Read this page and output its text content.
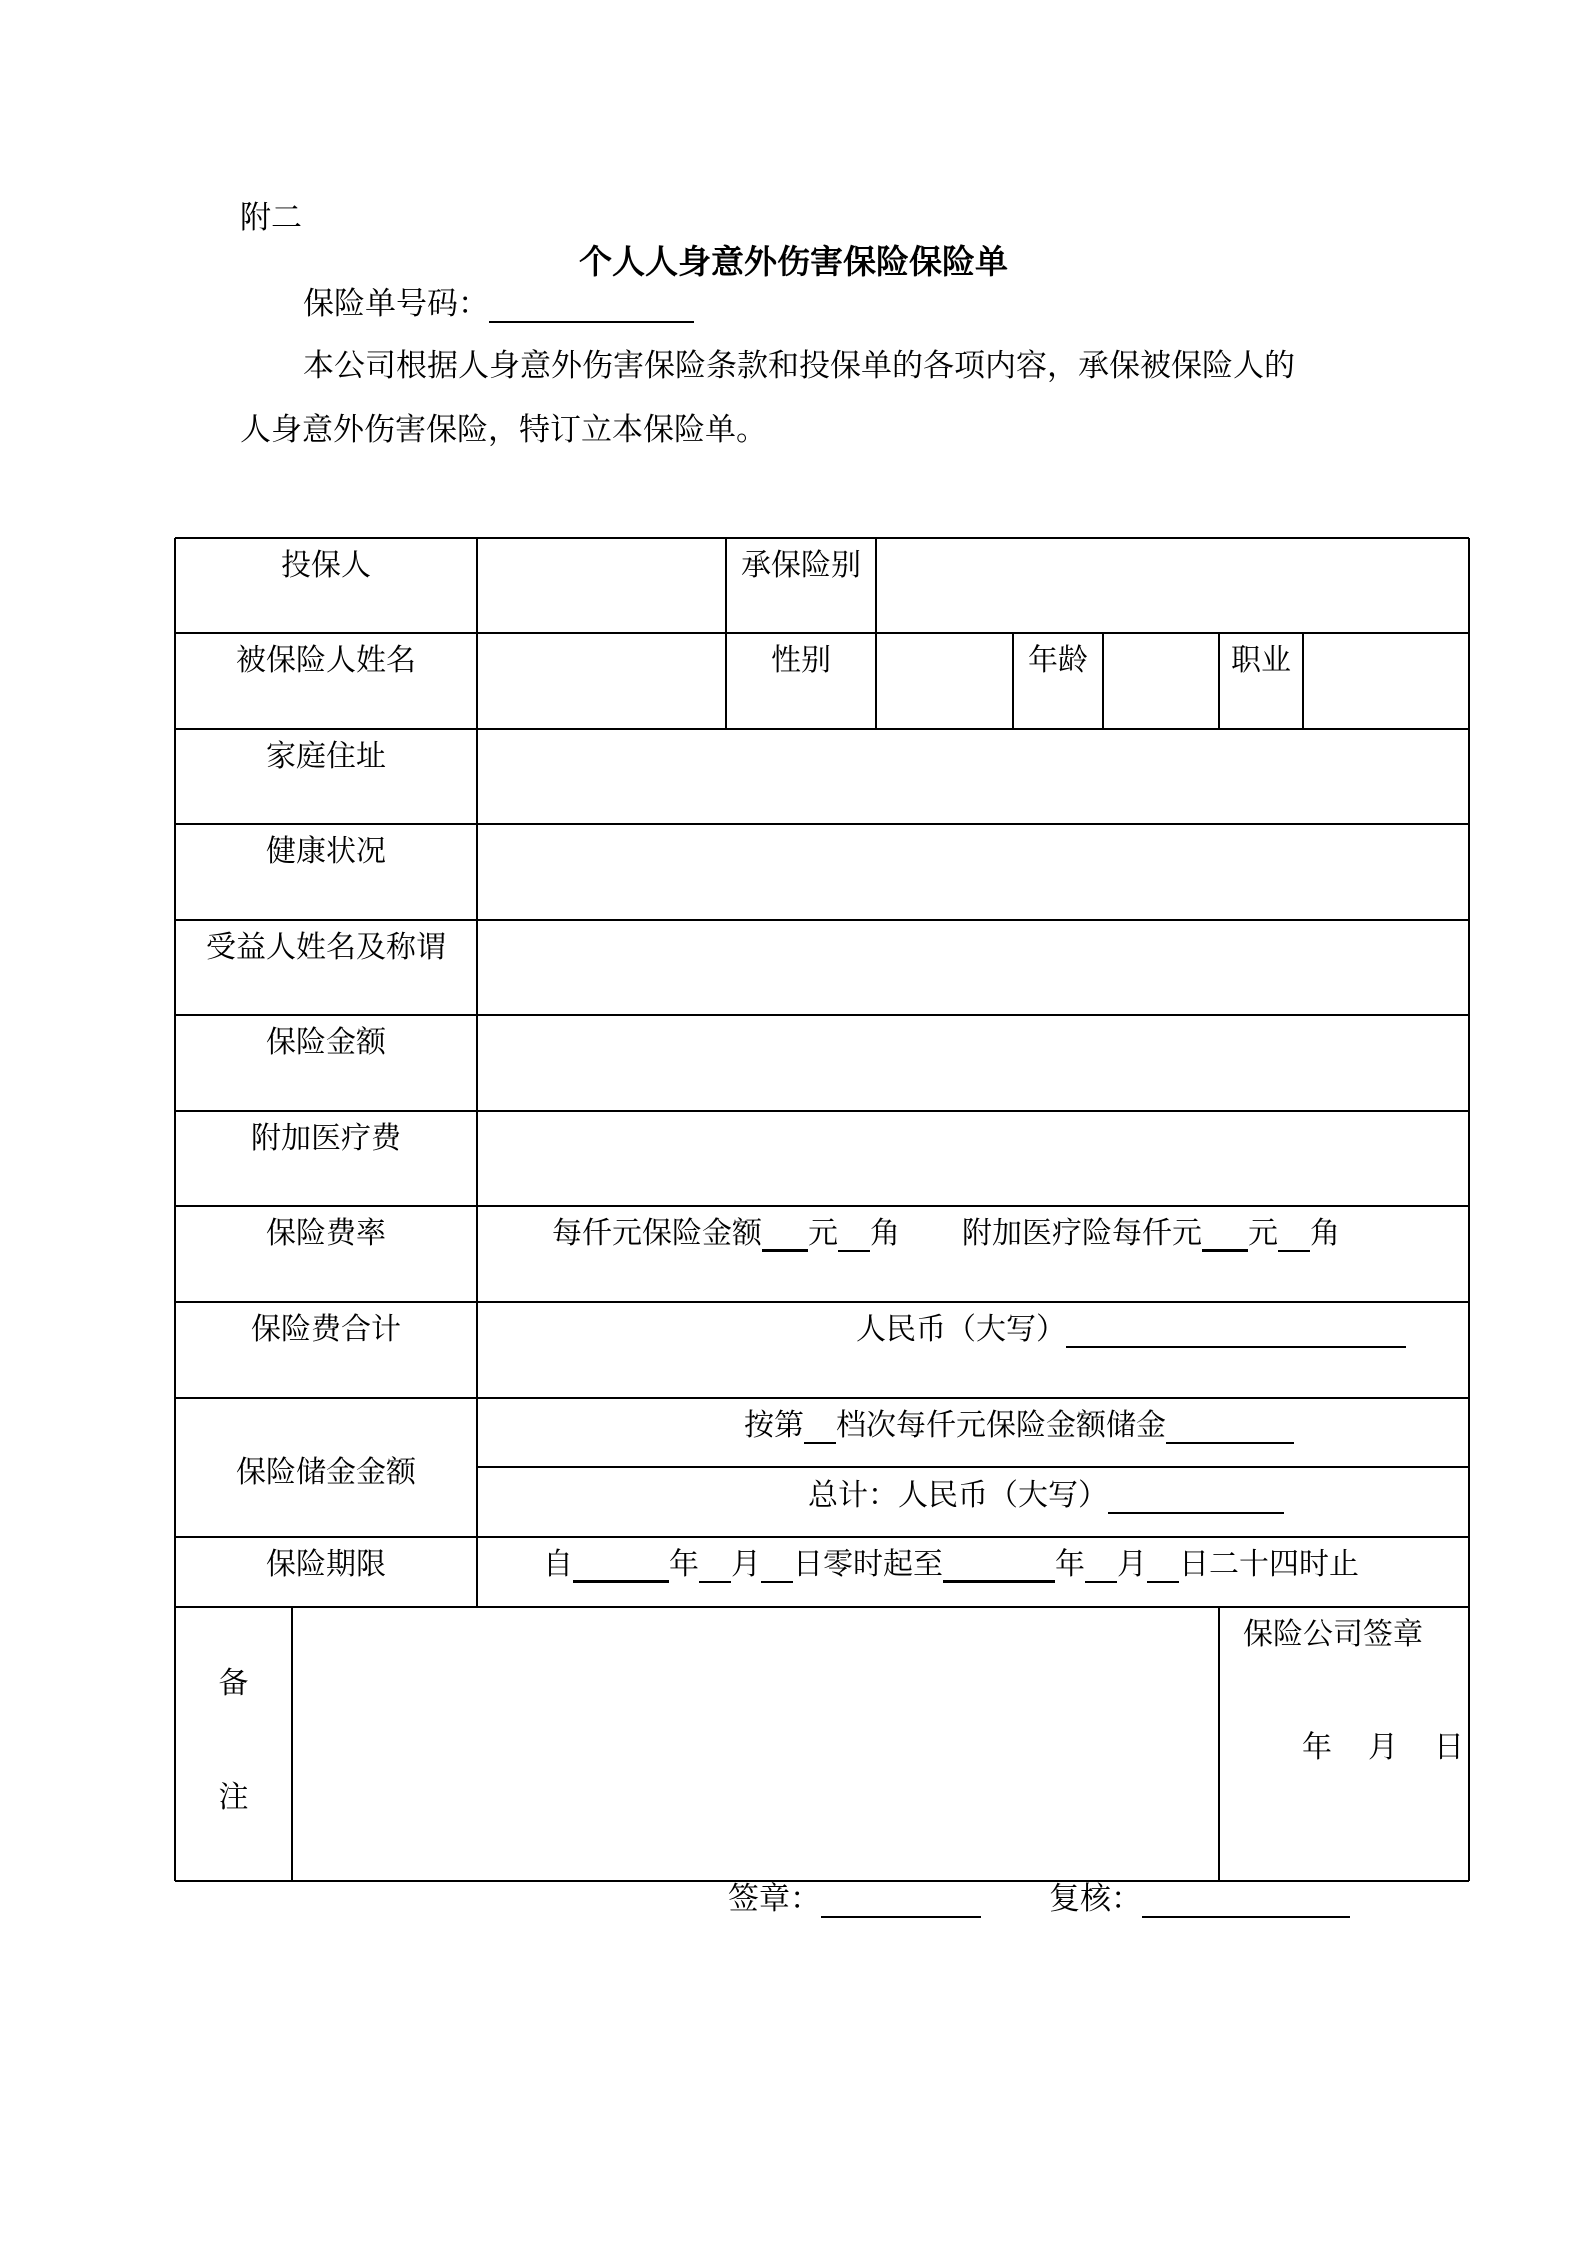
附二
个人人身意外伤害保险保险单
保险单号码：
本公司根据人身意外伤害保险条款和投保单的各项内容，承保被保险人的
人身意外伤害保险，特订立本保险单。
投保人	承保险别
被保险人姓名	性别	年龄	职业
家庭住址
健康状况
受益人姓名及称谓
保险金额
附加医疗费
保险费率	每仟元保险金额 元 角 附加医疗险每仟元 元 角
保险费合计	人民币（大写）
保险储金金额
按第 档次每仟元保险金额储金
总计：人民币（大写）
保险期限	自	年 月 日零时起至	年 月 日二十四时止
备
注
保险公司签章
年 月 日
签章：	复核：
